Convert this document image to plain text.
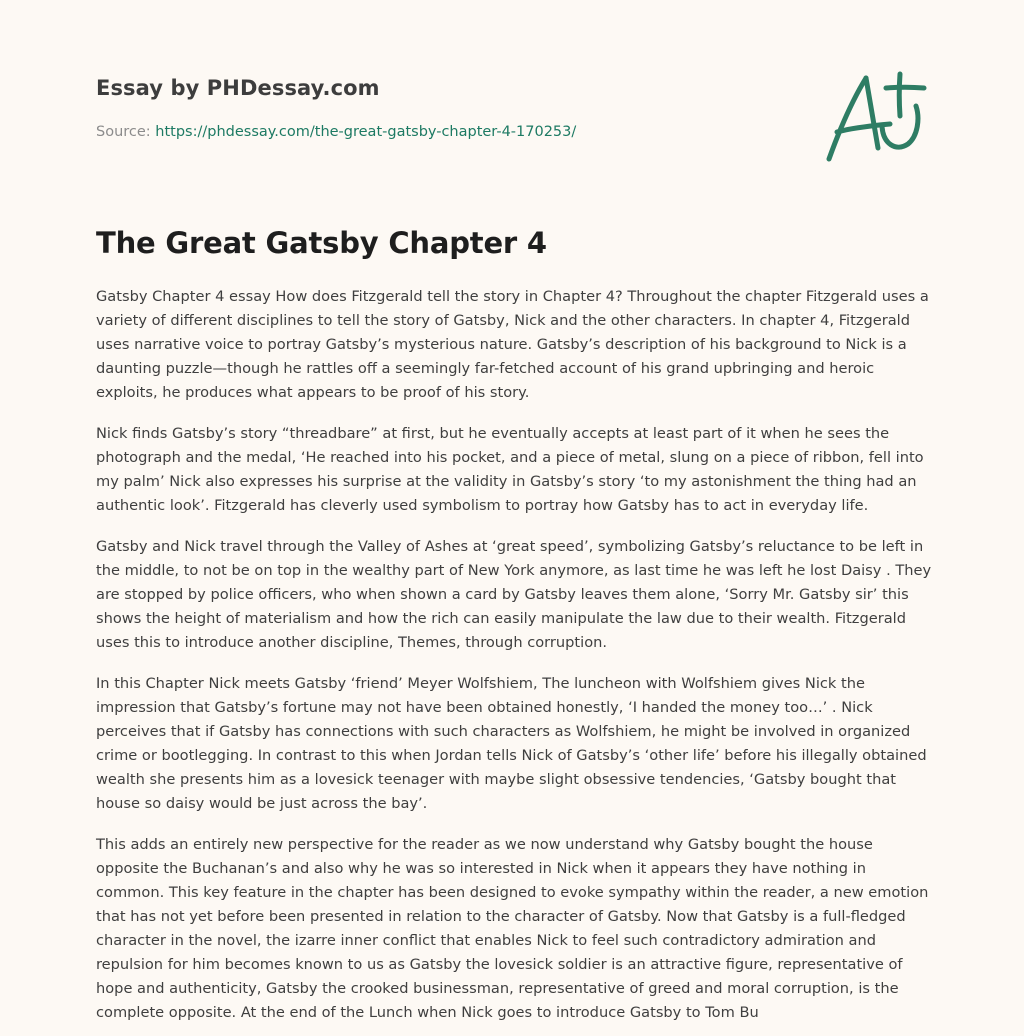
Essay by PHDessay.com
Source: https://phdessay.com/the-great-gatsby-chapter-4-170253/
The Great Gatsby Chapter 4

Gatsby Chapter 4 essay How does Fitzgerald tell the story in Chapter 4? Throughout the chapter Fitzgerald uses a variety of different disciplines to tell the story of Gatsby, Nick and the other characters. In chapter 4, Fitzgerald uses narrative voice to portray Gatsby’s mysterious nature. Gatsby’s description of his background to Nick is a daunting puzzle—though he rattles off a seemingly far-fetched account of his grand upbringing and heroic exploits, he produces what appears to be proof of his story.

Nick finds Gatsby’s story “threadbare” at first, but he eventually accepts at least part of it when he sees the photograph and the medal, ‘He reached into his pocket, and a piece of metal, slung on a piece of ribbon, fell into my palm’ Nick also expresses his surprise at the validity in Gatsby’s story ‘to my astonishment the thing had an authentic look’. Fitzgerald has cleverly used symbolism to portray how Gatsby has to act in everyday life.

Gatsby and Nick travel through the Valley of Ashes at ‘great speed’, symbolizing Gatsby’s reluctance to be left in the middle, to not be on top in the wealthy part of New York anymore, as last time he was left he lost Daisy . They are stopped by police officers, who when shown a card by Gatsby leaves them alone, ‘Sorry Mr. Gatsby sir’ this shows the height of materialism and how the rich can easily manipulate the law due to their wealth. Fitzgerald uses this to introduce another discipline, Themes, through corruption.

In this Chapter Nick meets Gatsby ‘friend’ Meyer Wolfshiem, The luncheon with Wolfshiem gives Nick the impression that Gatsby’s fortune may not have been obtained honestly, ‘I handed the money too…’ . Nick perceives that if Gatsby has connections with such characters as Wolfshiem, he might be involved in organized crime or bootlegging. In contrast to this when Jordan tells Nick of Gatsby’s ‘other life’ before his illegally obtained wealth she presents him as a lovesick teenager with maybe slight obsessive tendencies, ‘Gatsby bought that house so daisy would be just across the bay’.

This adds an entirely new perspective for the reader as we now understand why Gatsby bought the house opposite the Buchanan’s and also why he was so interested in Nick when it appears they have nothing in common. This key feature in the chapter has been designed to evoke sympathy within the reader, a new emotion that has not yet before been presented in relation to the character of Gatsby. Now that Gatsby is a full-fledged character in the novel, the izarre inner conflict that enables Nick to feel such contradictory admiration and repulsion for him becomes known to us as Gatsby the lovesick soldier is an attractive figure, representative of hope and authenticity, Gatsby the crooked businessman, representative of greed and moral corruption, is the complete opposite. At the end of the Lunch when Nick goes to introduce Gatsby to Tom Bu
